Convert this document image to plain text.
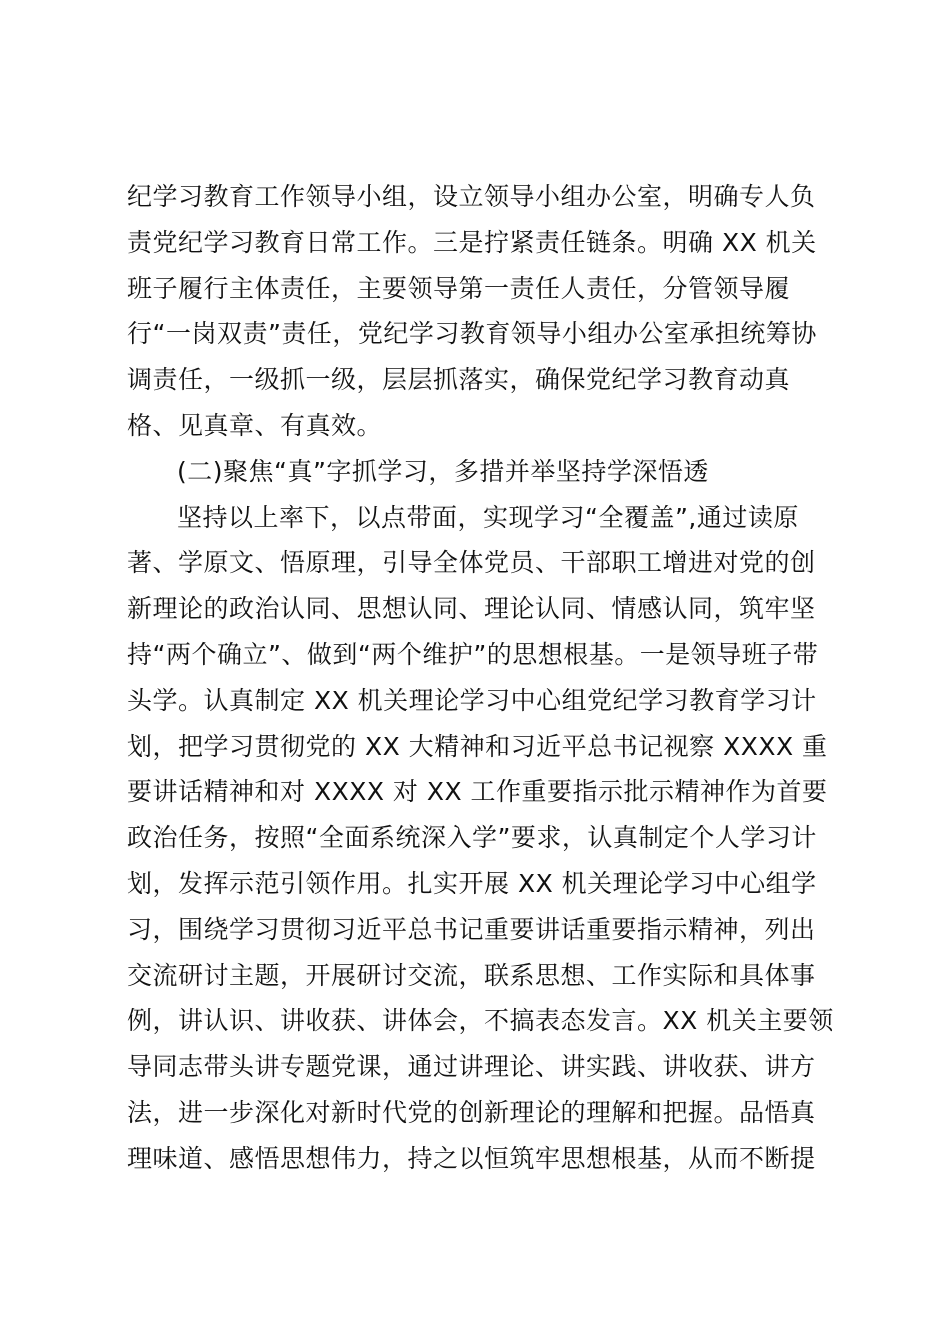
纪学习教育工作领导小组，设立领导小组办公室，明确专人负
责党纪学习教育日常工作。三是拧紧责任链条。明确 XX 机关
班子履行主体责任，主要领导第一责任人责任，分管领导履
行“一岗双责”责任，党纪学习教育领导小组办公室承担统筹协
调责任，一级抓一级，层层抓落实，确保党纪学习教育动真
格、见真章、有真效。
(二)聚焦“真”字抓学习，多措并举坚持学深悟透
坚持以上率下，以点带面，实现学习“全覆盖”,通过读原
著、学原文、悟原理，引导全体党员、干部职工增进对党的创
新理论的政治认同、思想认同、理论认同、情感认同，筑牢坚
持“两个确立”、做到“两个维护”的思想根基。一是领导班子带
头学。认真制定 XX 机关理论学习中心组党纪学习教育学习计
划，把学习贯彻党的 XX 大精神和习近平总书记视察 XXXX 重
要讲话精神和对 XXXX 对 XX 工作重要指示批示精神作为首要
政治任务，按照“全面系统深入学”要求，认真制定个人学习计
划，发挥示范引领作用。扎实开展 XX 机关理论学习中心组学
习，围绕学习贯彻习近平总书记重要讲话重要指示精神，列出
交流研讨主题，开展研讨交流，联系思想、工作实际和具体事
例，讲认识、讲收获、讲体会，不搞表态发言。XX 机关主要领
导同志带头讲专题党课，通过讲理论、讲实践、讲收获、讲方
法，进一步深化对新时代党的创新理论的理解和把握。品悟真
理味道、感悟思想伟力，持之以恒筑牢思想根基，从而不断提
